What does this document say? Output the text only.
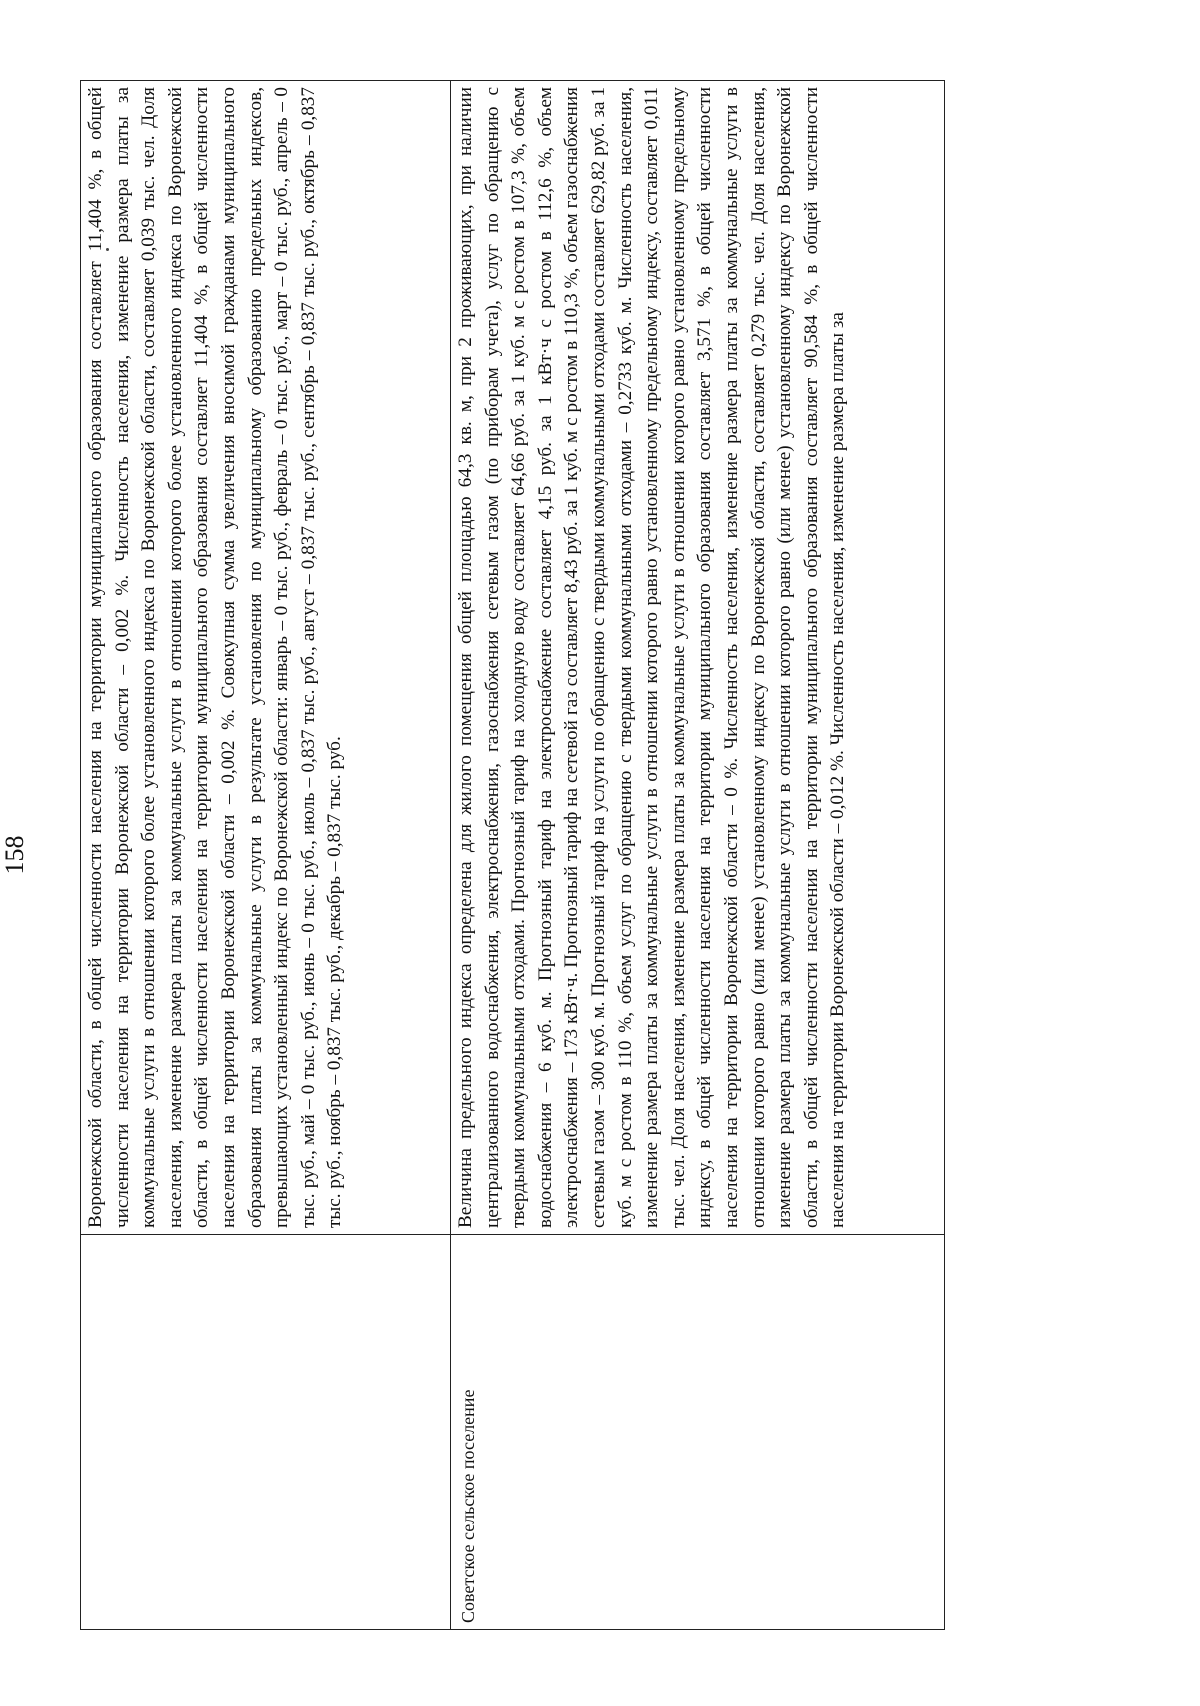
158	Воронежской области, в общей численности населения на территории муниципального образования составляет 11,404 %, в общей численности населения на территории Воронежской области – 0,002 %. Численность населения, изменение размера платы за коммунальные услуги в отношении которого более установленного индекса по Воронежской области, составляет 0,039 тыс. чел. Доля населения, изменение размера платы за коммунальные услуги в отношении которого более установленного индекса по Воронежской области, в общей численности населения на территории муниципального образования составляет 11,404 %, в общей численности населения на территории Воронежской области – 0,002 %. Совокупная сумма увеличения вносимой гражданами муниципального образования платы за коммунальные услуги в результате установления по муниципальному образованию предельных индексов, превышающих установленный индекс по Воронежской области: январь – 0 тыс. руб., февраль – 0 тыс. руб., март – 0 тыс. руб., апрель – 0 тыс. руб., май – 0 тыс. руб., июнь – 0 тыс. руб., июль – 0,837 тыс. руб., август – 0,837 тыс. руб., сентябрь – 0,837 тыс. руб., октябрь – 0,837 тыс. руб., ноябрь – 0,837 тыс. руб., декабрь – 0,837 тыс. руб.
Советское сельское поселение
Величина предельного индекса определена для жилого помещения общей площадью 64,3 кв. м, при 2 проживающих, при наличии централизованного водоснабжения, электроснабжения, газоснабжения сетевым газом (по приборам учета), услуг по обращению с твердыми коммунальными отходами. Прогнозный тариф на холодную воду составляет 64,66 руб. за 1 куб. м с ростом в 107,3 %, объем водоснабжения – 6 куб. м. Прогнозный тариф на электроснабжение составляет 4,15 руб. за 1 кВт·ч с ростом в 112,6 %, объем электроснабжения – 173 кВт·ч. Прогнозный тариф на сетевой газ составляет 8,43 руб. за 1 куб. м с ростом в 110,3 %, объем газоснабжения сетевым газом – 300 куб. м. Прогнозный тариф на услуги по обращению с твердыми коммунальными отходами составляет 629,82 руб. за 1 куб. м с ростом в 110 %, объем услуг по обращению с твердыми коммунальными отходами – 0,2733 куб. м. Численность населения, изменение размера платы за коммунальные услуги в отношении которого равно установленному предельному индексу, составляет 0,011 тыс. чел. Доля населения, изменение размера платы за коммунальные услуги в отношении которого равно установленному предельному индексу, в общей численности населения на территории муниципального образования составляет 3,571 %, в общей численности населения на территории Воронежской области – 0 %. Численность населения, изменение размера платы за коммунальные услуги в отношении которого равно (или менее) установленному индексу по Воронежской области, составляет 0,279 тыс. чел. Доля населения, изменение размера платы за коммунальные услуги в отношении которого равно (или менее) установленному индексу по Воронежской области, в общей численности населения на территории муниципального образования составляет 90,584 %, в общей численности населения на территории Воронежской области – 0,012 %. Численность населения, изменение размера платы за
